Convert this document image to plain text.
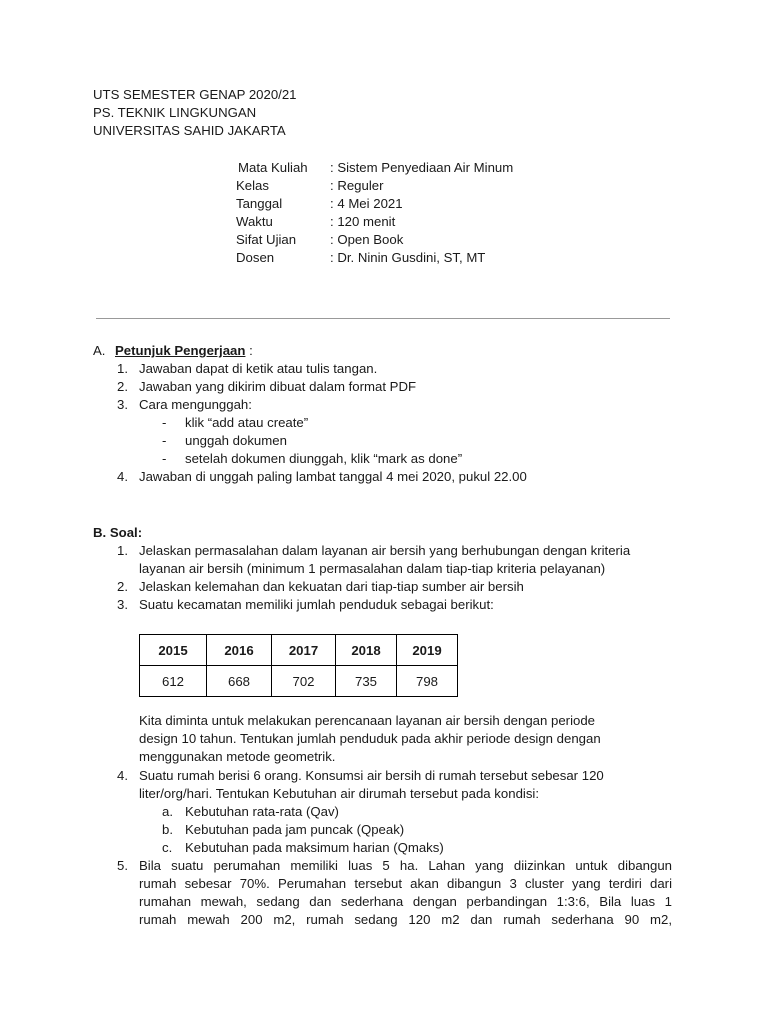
UTS SEMESTER GENAP 2020/21
PS. TEKNIK LINGKUNGAN
UNIVERSITAS SAHID JAKARTA
Mata Kuliah : Sistem Penyediaan Air Minum
Kelas	: Reguler
Tanggal	: 4 Mei 2021
Waktu	: 120 menit
Sifat Ujian	: Open Book
Dosen	: Dr. Ninin Gusdini, ST, MT
A. Petunjuk Pengerjaan :
1. Jawaban dapat di ketik atau tulis tangan.
2. Jawaban yang dikirim dibuat dalam format PDF
3. Cara mengunggah:
- klik “add atau create”
- unggah dokumen
- setelah dokumen diunggah, klik “mark as done”
4. Jawaban di unggah paling lambat tanggal 4 mei 2020, pukul 22.00
B. Soal:
1. Jelaskan permasalahan dalam layanan air bersih yang berhubungan dengan kriteria
layanan air bersih (minimum 1 permasalahan dalam tiap-tiap kriteria pelayanan)
2. Jelaskan kelemahan dan kekuatan dari tiap-tiap sumber air bersih
3. Suatu kecamatan memiliki jumlah penduduk sebagai berikut:
2015	2016	2017	2018	2019
612	668	702	735	798
Kita diminta untuk melakukan perencanaan layanan air bersih dengan periode
design 10 tahun. Tentukan jumlah penduduk pada akhir periode design dengan
menggunakan metode geometrik.
4. Suatu rumah berisi 6 orang. Konsumsi air bersih di rumah tersebut sebesar 120
liter/org/hari. Tentukan Kebutuhan air dirumah tersebut pada kondisi:
a. Kebutuhan rata-rata (Qav)
b. Kebutuhan pada jam puncak (Qpeak)
c. Kebutuhan pada maksimum harian (Qmaks)
5. Bila suatu perumahan memiliki luas 5 ha. Lahan yang diizinkan untuk dibangun
rumah sebesar 70%. Perumahan tersebut akan dibangun 3 cluster yang terdiri dari
rumahan mewah, sedang dan sederhana dengan perbandingan 1:3:6, Bila luas 1
rumah mewah 200 m2, rumah sedang 120 m2 dan rumah sederhana 90 m2,
